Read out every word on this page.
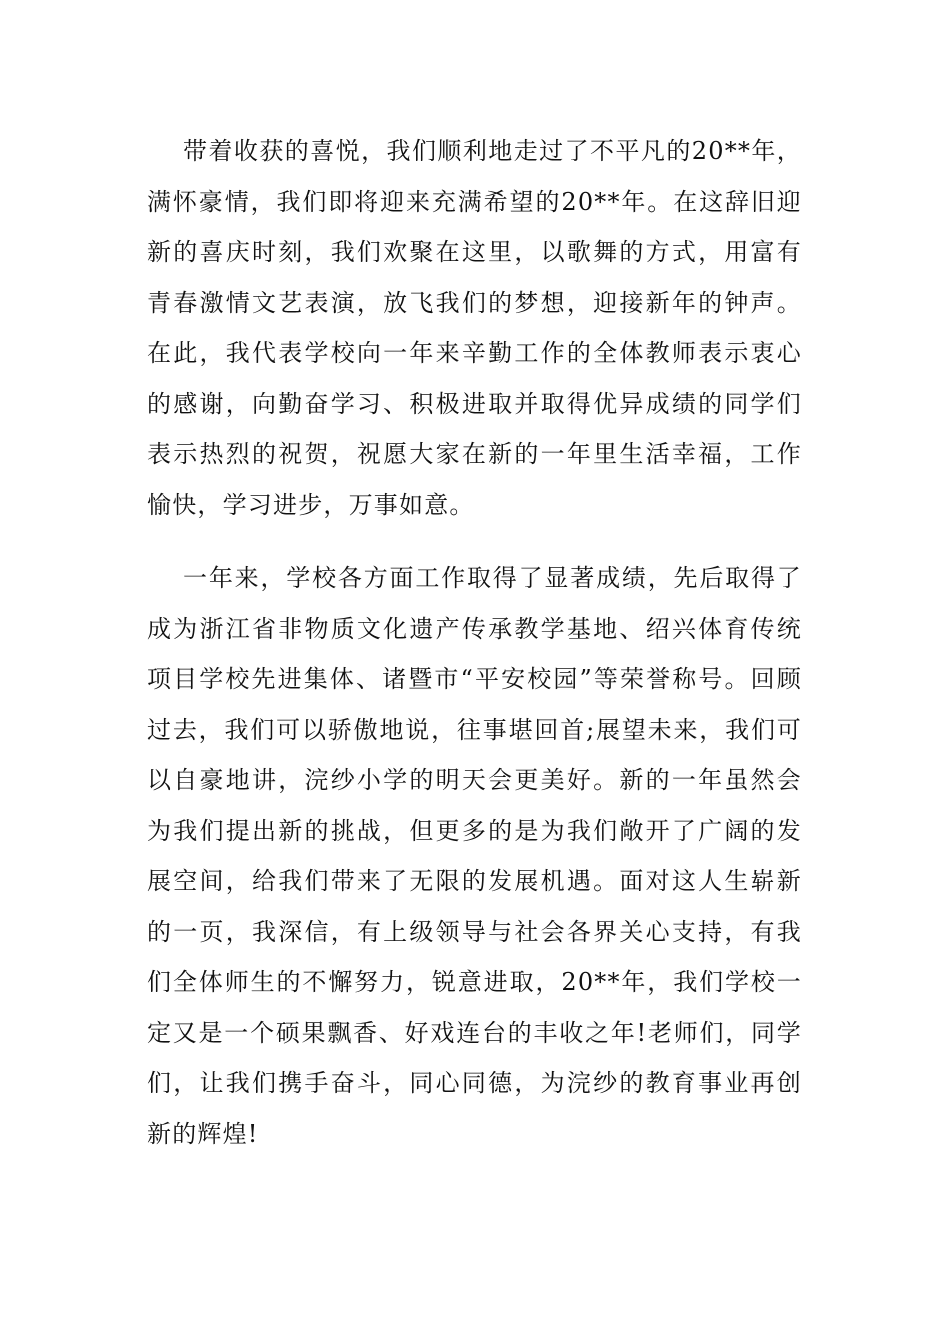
带着收获的喜悦，我们顺利地走过了不平凡的20**年，满怀豪情，我们即将迎来充满希望的20**年。在这辞旧迎新的喜庆时刻，我们欢聚在这里，以歌舞的方式，用富有青春激情文艺表演，放飞我们的梦想，迎接新年的钟声。在此，我代表学校向一年来辛勤工作的全体教师表示衷心的感谢，向勤奋学习、积极进取并取得优异成绩的同学们表示热烈的祝贺，祝愿大家在新的一年里生活幸福，工作愉快，学习进步，万事如意。

一年来，学校各方面工作取得了显著成绩，先后取得了成为浙江省非物质文化遗产传承教学基地、绍兴体育传统项目学校先进集体、诸暨市“平安校园”等荣誉称号。回顾过去，我们可以骄傲地说，往事堪回首;展望未来，我们可以自豪地讲，浣纱小学的明天会更美好。新的一年虽然会为我们提出新的挑战，但更多的是为我们敞开了广阔的发展空间，给我们带来了无限的发展机遇。面对这人生崭新的一页，我深信，有上级领导与社会各界关心支持，有我们全体师生的不懈努力，锐意进取，20**年，我们学校一定又是一个硕果飘香、好戏连台的丰收之年!老师们，同学们，让我们携手奋斗，同心同德，为浣纱的教育事业再创新的辉煌!
